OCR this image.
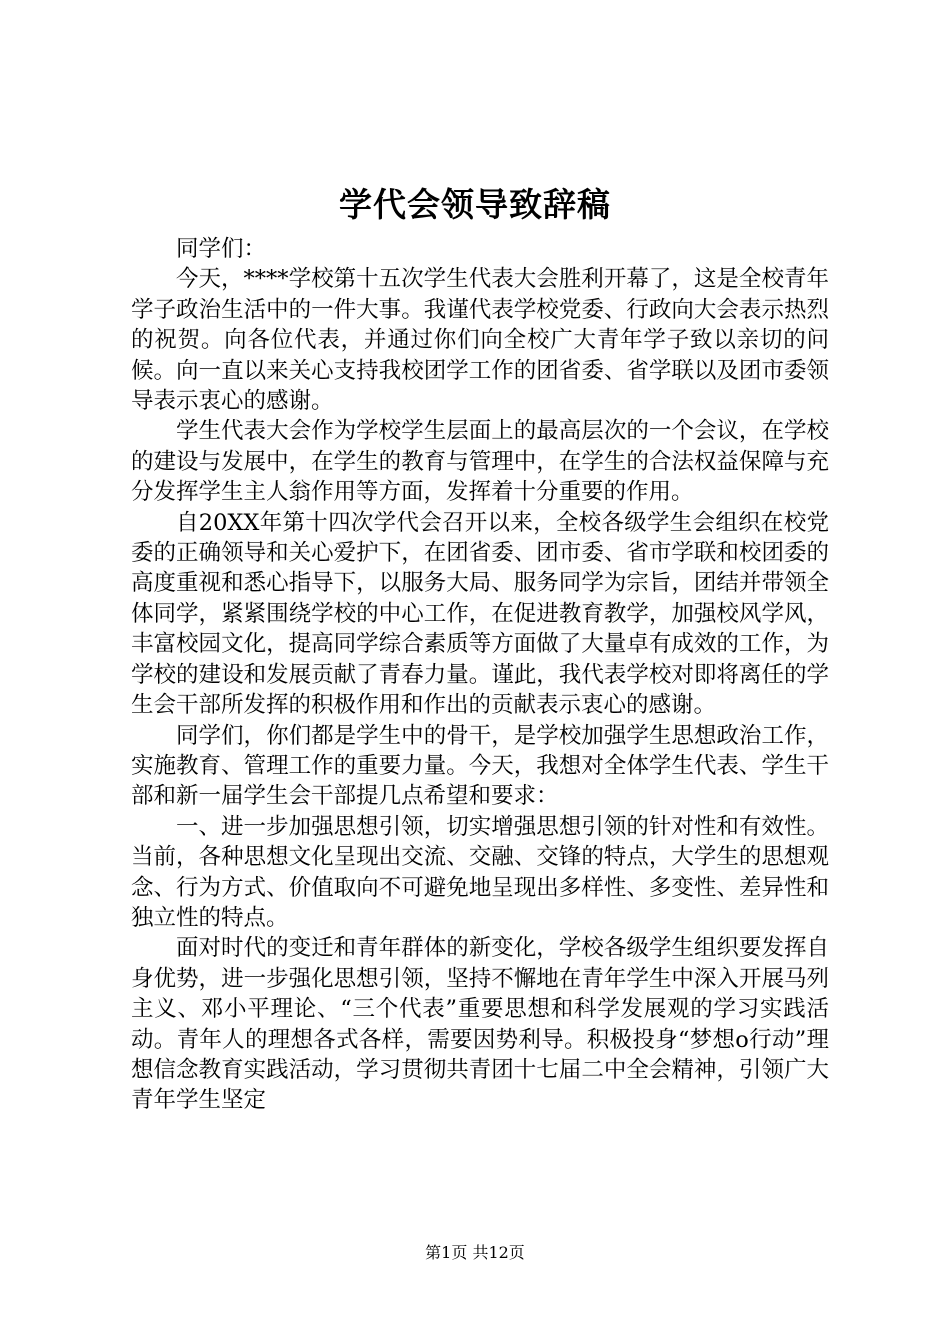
学代会领导致辞稿

同学们：

今天，****学校第十五次学生代表大会胜利开幕了，这是全校青年学子政治生活中的一件大事。我谨代表学校党委、行政向大会表示热烈的祝贺。向各位代表，并通过你们向全校广大青年学子致以亲切的问候。向一直以来关心支持我校团学工作的团省委、省学联以及团市委领导表示衷心的感谢。

学生代表大会作为学校学生层面上的最高层次的一个会议，在学校的建设与发展中，在学生的教育与管理中，在学生的合法权益保障与充分发挥学生主人翁作用等方面，发挥着十分重要的作用。

自20XX年第十四次学代会召开以来，全校各级学生会组织在校党委的正确领导和关心爱护下，在团省委、团市委、省市学联和校团委的高度重视和悉心指导下，以服务大局、服务同学为宗旨，团结并带领全体同学，紧紧围绕学校的中心工作，在促进教育教学，加强校风学风，丰富校园文化，提高同学综合素质等方面做了大量卓有成效的工作，为学校的建设和发展贡献了青春力量。谨此，我代表学校对即将离任的学生会干部所发挥的积极作用和作出的贡献表示衷心的感谢。

同学们，你们都是学生中的骨干，是学校加强学生思想政治工作，实施教育、管理工作的重要力量。今天，我想对全体学生代表、学生干部和新一届学生会干部提几点希望和要求：

一、进一步加强思想引领，切实增强思想引领的针对性和有效性。当前，各种思想文化呈现出交流、交融、交锋的特点，大学生的思想观念、行为方式、价值取向不可避免地呈现出多样性、多变性、差异性和独立性的特点。

面对时代的变迁和青年群体的新变化，学校各级学生组织要发挥自身优势，进一步强化思想引领，坚持不懈地在青年学生中深入开展马列主义、邓小平理论、“三个代表”重要思想和科学发展观的学习实践活动。青年人的理想各式各样，需要因势利导。积极投身“梦想o行动”理想信念教育实践活动，学习贯彻共青团十七届二中全会精神，引领广大青年学生坚定

第1页 共12页
